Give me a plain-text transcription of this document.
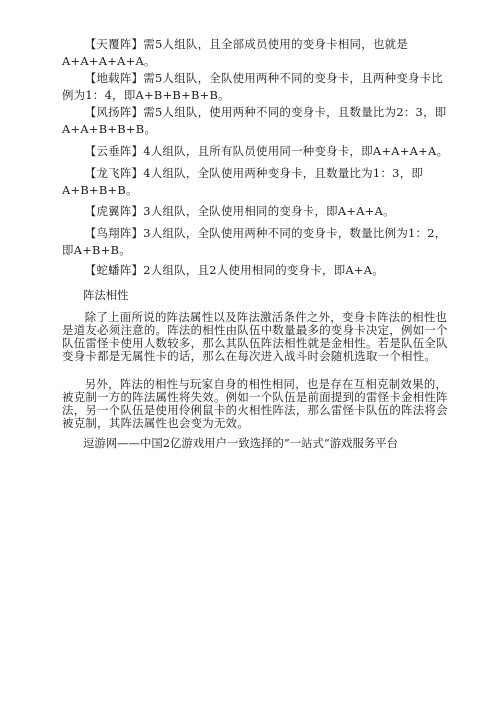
【天覆阵】需5人组队，且全部成员使用的变身卡相同，也就是A+A+A+A+A。

【地载阵】需5人组队，全队使用两种不同的变身卡，且两种变身卡比例为1：4，即A+B+B+B+B。

【风扬阵】需5人组队，使用两种不同的变身卡，且数量比为2：3，即A+A+B+B+B。

【云垂阵】4人组队，且所有队员使用同一种变身卡，即A+A+A+A。

【龙飞阵】4人组队，全队使用两种变身卡，且数量比为1：3，即A+B+B+B。

【虎翼阵】3人组队，全队使用相同的变身卡，即A+A+A。

【鸟翔阵】3人组队，全队使用两种不同的变身卡，数量比例为1：2，即A+B+B。

【蛇蟠阵】2人组队，且2人使用相同的变身卡，即A+A。

阵法相性

除了上面所说的阵法属性以及阵法激活条件之外，变身卡阵法的相性也是道友必须注意的。阵法的相性由队伍中数量最多的变身卡决定，例如一个队伍雷怪卡使用人数较多，那么其队伍阵法相性就是金相性。若是队伍全队变身卡都是无属性卡的话，那么在每次进入战斗时会随机选取一个相性。

另外，阵法的相性与玩家自身的相性相同，也是存在互相克制效果的，被克制一方的阵法属性将失效。例如一个队伍是前面提到的雷怪卡金相性阵法，另一个队伍是使用伶俐鼠卡的火相性阵法，那么雷怪卡队伍的阵法将会被克制，其阵法属性也会变为无效。

逗游网——中国2亿游戏用户一致选择的”一站式“游戏服务平台
